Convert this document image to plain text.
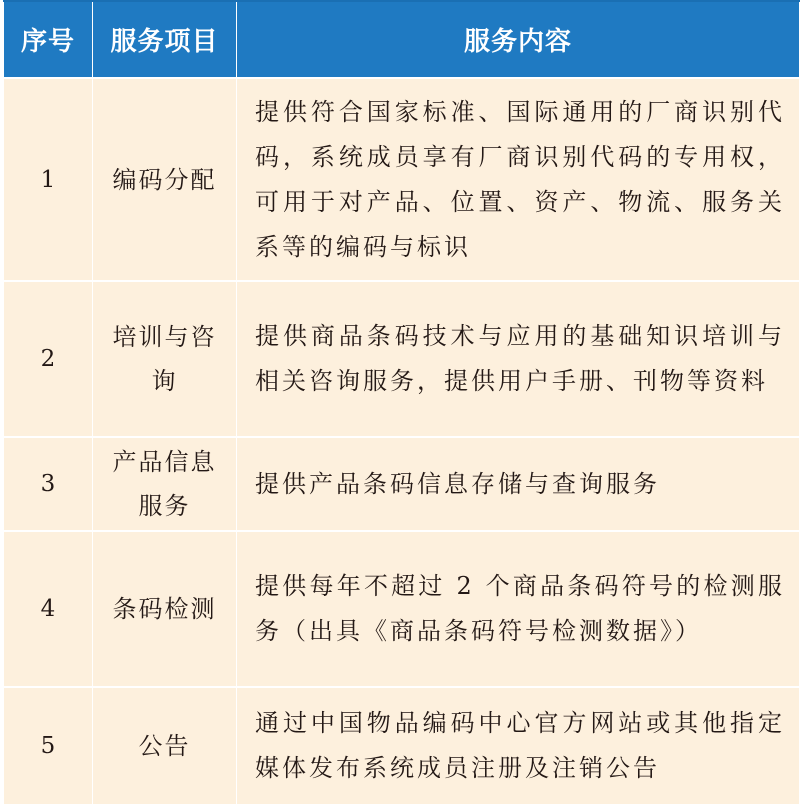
序号	服务项目	服务内容
1	编码分配	提供符合国家标准、国际通用的厂商识别代码，系统成员享有厂商识别代码的专用权，可用于对产品、位置、资产、物流、服务关系等的编码与标识
2	培训与咨询	提供商品条码技术与应用的基础知识培训与相关咨询服务，提供用户手册、刊物等资料
3	产品信息服务	提供产品条码信息存储与查询服务
4	条码检测	提供每年不超过 2 个商品条码符号的检测服务（出具《商品条码符号检测数据》）
5	公告	通过中国物品编码中心官方网站或其他指定媒体发布系统成员注册及注销公告
